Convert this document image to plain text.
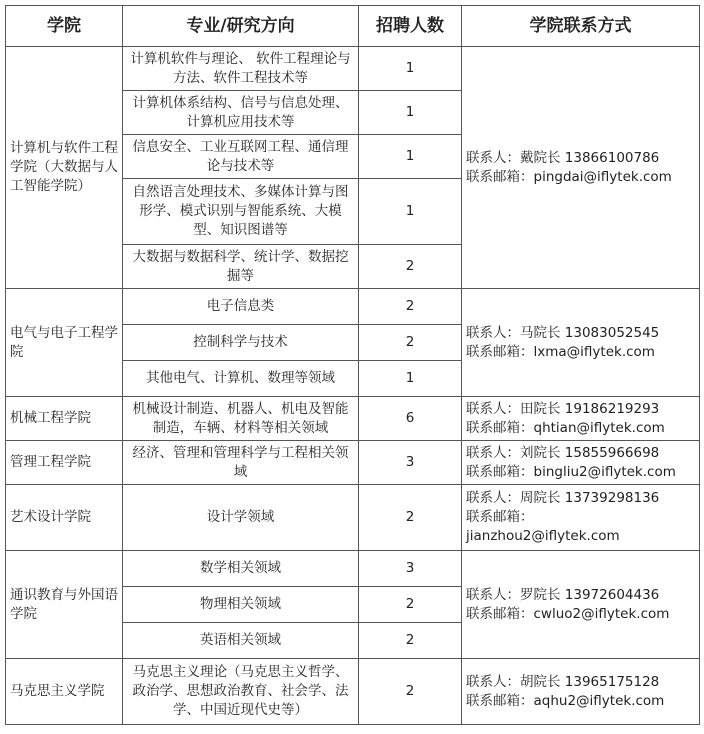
学院	专业/研究方向	招聘人数	学院联系方式
计算机与软件工程学院（大数据与人工智能学院）	计算机软件与理论、 软件工程理论与方法、软件工程技术等	1	联系人：戴院长 13866100786
联系邮箱：pingdai@iflytek.com

	计算机体系结构、信号与信息处理、计算机应用技术等	1	
	信息安全、工业互联网工程、通信理论与技术等	1	
	自然语言处理技术、多媒体计算与图形学、模式识别与智能系统、大模型、知识图谱等	1	
	大数据与数据科学、统计学、数据挖掘等	2	
电气与电子工程学院	电子信息类	2	联系人：马院长 13083052545
联系邮箱：lxma@iflytek.com

	控制科学与技术	2	
	其他电气、计算机、数理等领域	1	
机械工程学院	机械设计制造、机器人、机电及智能制造，车辆、材料等相关领域	6	联系人：田院长 19186219293
联系邮箱：qhtian@iflytek.com

管理工程学院	经济、管理和管理科学与工程相关领域	3	联系人：刘院长 15855966698
联系邮箱：bingliu2@iflytek.com

艺术设计学院	设计学领域	2	联系人：周院长 13739298136
联系邮箱：
jianzhou2@iflytek.com

通识教育与外国语学院	数学相关领域	3	联系人：罗院长 13972604436
联系邮箱：cwluo2@iflytek.com

	物理相关领域	2	
	英语相关领域	2	
马克思主义学院	马克思主义理论（马克思主义哲学、政治学、思想政治教育、社会学、法学、中国近现代史等）	2	联系人：胡院长 13965175128
联系邮箱：aqhu2@iflytek.com
